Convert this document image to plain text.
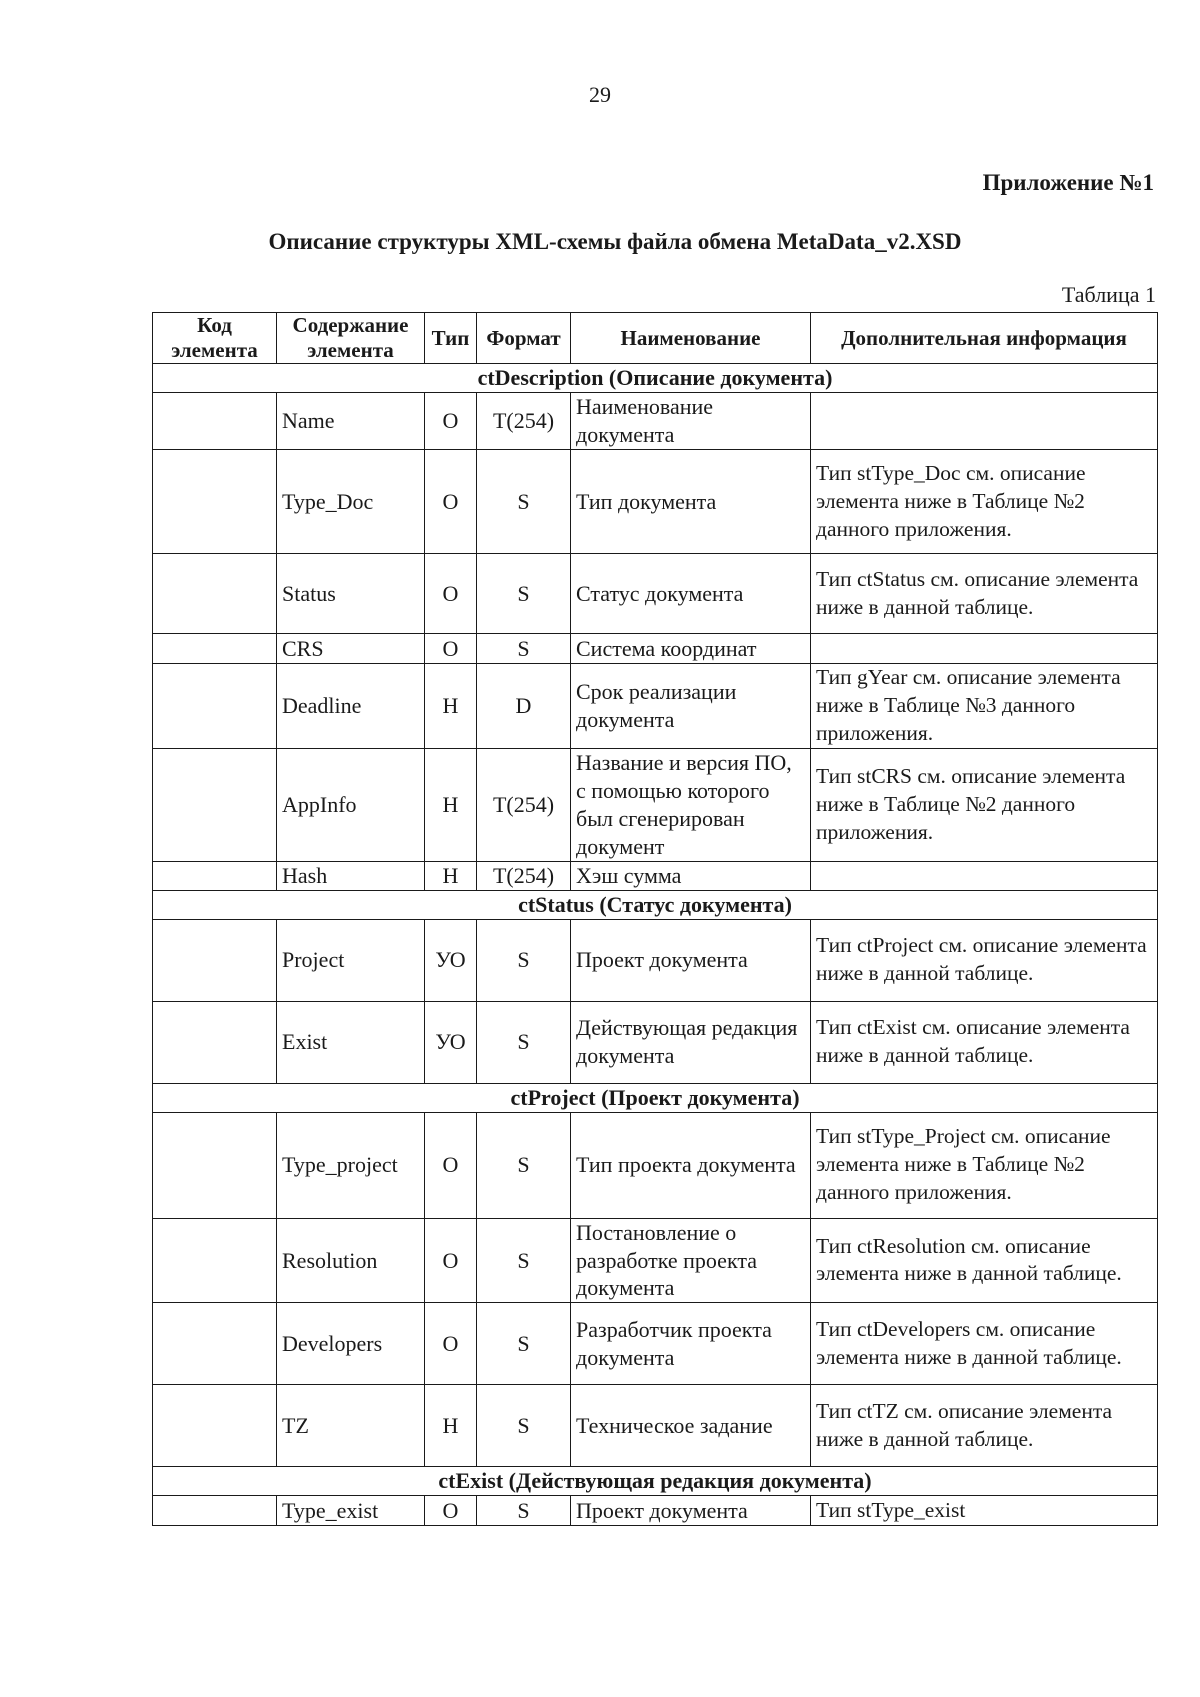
29
Приложение №1
Описание структуры XML-схемы файла обмена MetaData_v2.XSD
Таблица 1
Код элемента	Содержание элемента	Тип	Формат	Наименование	Дополнительная информация
ctDescription (Описание документа)					
	Name	О	T(254)	Наименование документа	
	Type_Doc	О	S	Тип документа	Тип stType_Doc см. описание элемента ниже в Таблице №2 данного приложения.
	Status	О	S	Статус документа	Тип ctStatus см. описание элемента ниже в данной таблице.
	CRS	О	S	Система координат	
	Deadline	Н	D	Срок реализации документа	Тип gYear см. описание элемента ниже в Таблице №3 данного приложения.
	AppInfo	Н	T(254)	Название и версия ПО, с помощью которого был сгенерирован документ	Тип stCRS см. описание элемента ниже в Таблице №2 данного приложения.
	Hash	Н	T(254)	Хэш сумма	
ctStatus (Статус документа)					
	Project	УО	S	Проект документа	Тип ctProject см. описание элемента ниже в данной таблице.
	Exist	УО	S	Действующая редакция документа	Тип ctExist см. описание элемента ниже в данной таблице.
ctProject (Проект документа)					
	Type_project	О	S	Тип проекта документа	Тип stType_Project см. описание элемента ниже в Таблице №2 данного приложения.
	Resolution	О	S	Постановление о разработке проекта документа	Тип ctResolution см. описание элемента ниже в данной таблице.
	Developers	О	S	Разработчик проекта документа	Тип ctDevelopers см. описание элемента ниже в данной таблице.
	TZ	Н	S	Техническое задание	Тип ctTZ см. описание элемента ниже в данной таблице.
ctExist (Действующая редакция документа)					
	Type_exist	О	S	Проект документа	Тип stType_exist
